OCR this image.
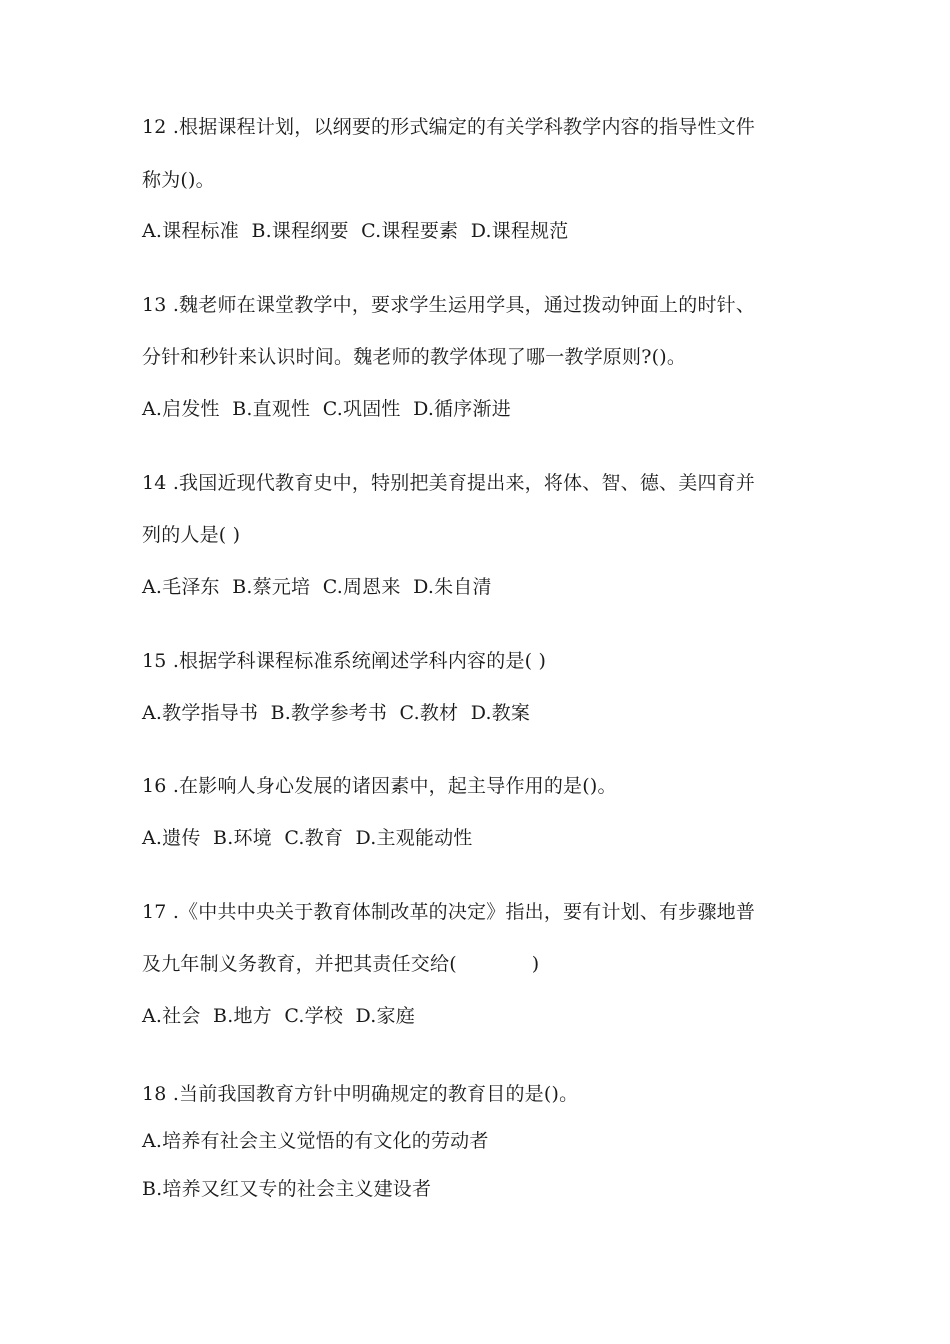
12 .根据课程计划，以纲要的形式编定的有关学科教学内容的指导性文件
称为()。
A.课程标准  B.课程纲要  C.课程要素  D.课程规范
13 .魏老师在课堂教学中，要求学生运用学具，通过拨动钟面上的时针、
分针和秒针来认识时间。魏老师的教学体现了哪一教学原则?()。
A.启发性  B.直观性  C.巩固性  D.循序渐进
14 .我国近现代教育史中，特别把美育提出来，将体、智、德、美四育并
列的人是( )
A.毛泽东  B.蔡元培  C.周恩来  D.朱自清
15 .根据学科课程标准系统阐述学科内容的是( )
A.教学指导书  B.教学参考书  C.教材  D.教案
16 .在影响人身心发展的诸因素中，起主导作用的是()。
A.遗传  B.环境  C.教育  D.主观能动性
17 .《中共中央关于教育体制改革的决定》指出，要有计划、有步骤地普
及九年制义务教育，并把其责任交给(            )
A.社会  B.地方  C.学校  D.家庭
18 .当前我国教育方针中明确规定的教育目的是()。
A.培养有社会主义觉悟的有文化的劳动者
B.培养又红又专的社会主义建设者
